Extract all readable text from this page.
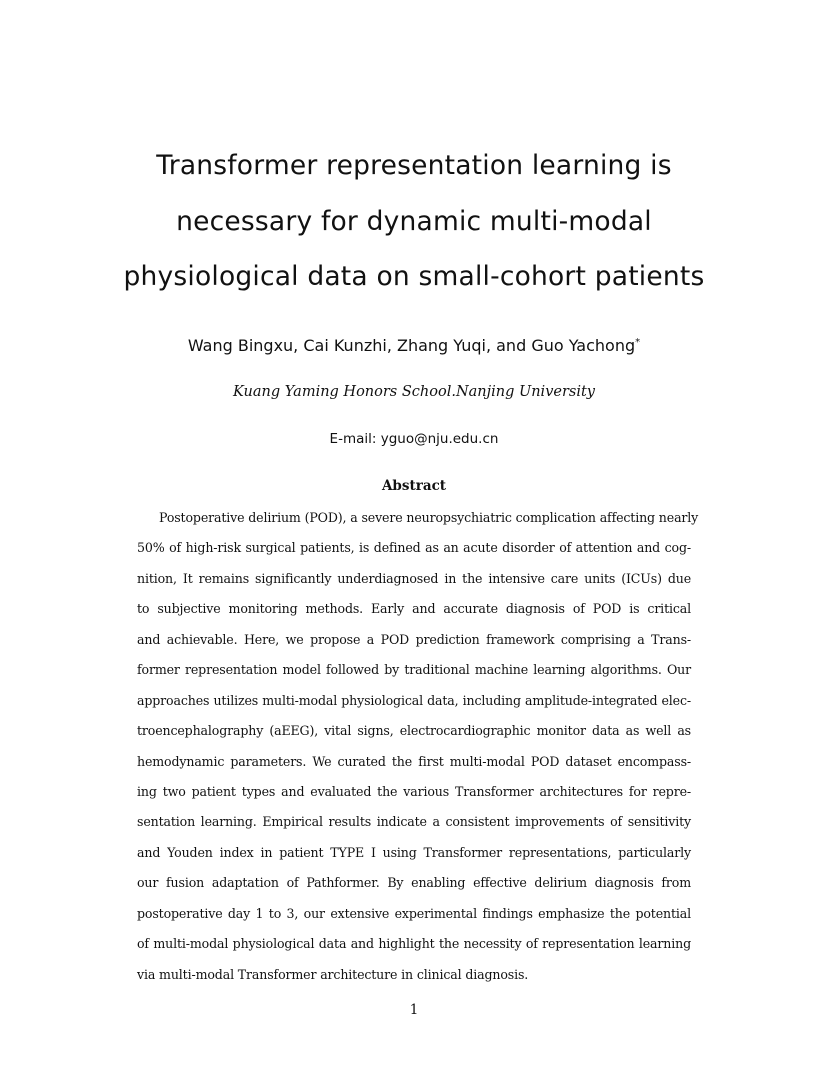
Transformer representation learning is
necessary for dynamic multi-modal
physiological data on small-cohort patients
Wang Bingxu, Cai Kunzhi, Zhang Yuqi, and Guo Yachong*
Kuang Yaming Honors School.Nanjing University
E-mail: yguo@nju.edu.cn
Abstract
Postoperative delirium (POD), a severe neuropsychiatric complication affecting nearly
50% of high-risk surgical patients, is defined as an acute disorder of attention and cog-
nition, It remains significantly underdiagnosed in the intensive care units (ICUs) due
to subjective monitoring methods. Early and accurate diagnosis of POD is critical
and achievable. Here, we propose a POD prediction framework comprising a Trans-
former representation model followed by traditional machine learning algorithms. Our
approaches utilizes multi-modal physiological data, including amplitude-integrated elec-
troencephalography (aEEG), vital signs, electrocardiographic monitor data as well as
hemodynamic parameters. We curated the first multi-modal POD dataset encompass-
ing two patient types and evaluated the various Transformer architectures for repre-
sentation learning. Empirical results indicate a consistent improvements of sensitivity
and Youden index in patient TYPE I using Transformer representations, particularly
our fusion adaptation of Pathformer. By enabling effective delirium diagnosis from
postoperative day 1 to 3, our extensive experimental findings emphasize the potential
of multi-modal physiological data and highlight the necessity of representation learning
via multi-modal Transformer architecture in clinical diagnosis.
1
